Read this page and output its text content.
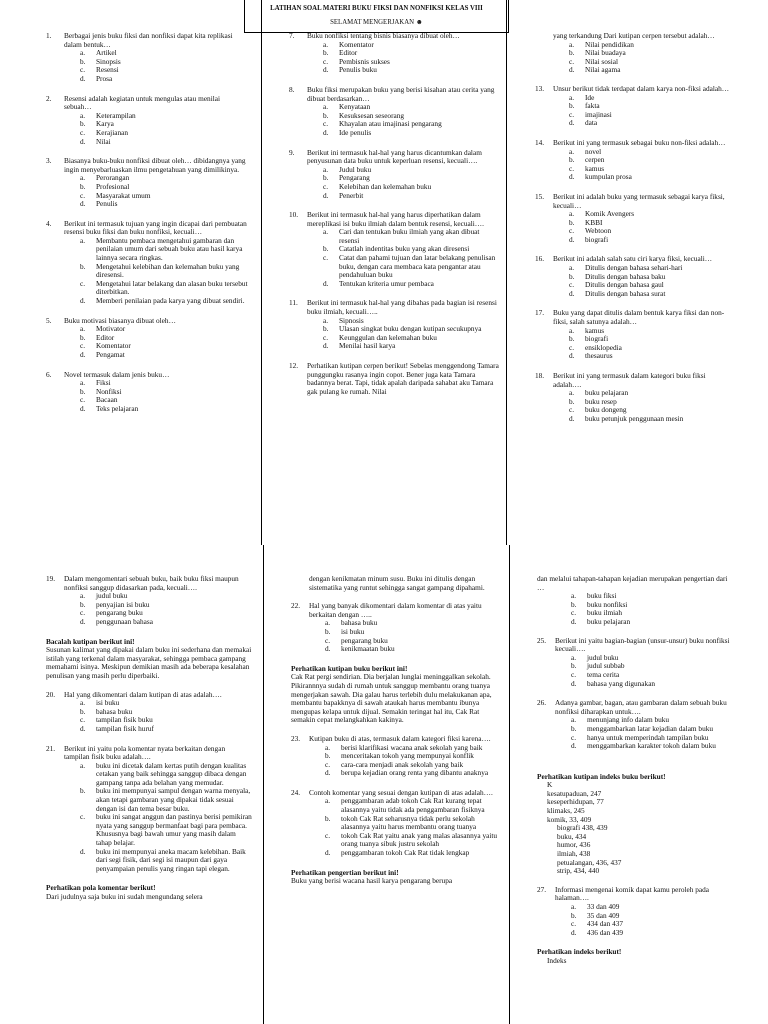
LATIHAN SOAL MATERI BUKU FIKSI DAN NONFIKSI KELAS VIII
SELAMAT MENGERJAKAN ☻
1. Berbagai jenis buku fiksi dan nonfiksi dapat kita replikasi dalam bentuk…
a. Artikel
b. Sinopsis
c. Resensi
d. Prosa
2. Resensi adalah kegiatan untuk mengulas atau menilai sebuah…
a. Keterampilan
b. Karya
c. Kerajianan
d. Nilai
3. Biasanya buku-buku nonfiksi dibuat oleh… dibidangnya yang ingin menyebarluaskan ilmu pengetahuan yang dimilikinya.
a. Perorangan
b. Profesional
c. Masyarakat umum
d. Penulis
4. Berikut ini termasuk tujuan yang ingin dicapai dari pembuatan resensi buku fiksi dan buku nonfiksi, kecuali…
a. Membantu pembaca mengetahui gambaran dan penilaian umum dari sebuah buku atau hasil karya lainnya secara ringkas.
b. Mengetahui kelebihan dan kelemahan buku yang diresensi.
c. Mengetahui latar belakang dan alasan buku tersebut diterbitkan.
d. Memberi penilaian pada karya yang dibuat sendiri.
5. Buku motivasi biasanya dibuat oleh…
a. Motivator
b. Editor
c. Komentator
d. Pengamat
6. Novel termasuk dalam jenis buku…
a. Fiksi
b. Nonfiksi
c. Bacaan
d. Teks pelajaran
7. Buku nonfiksi tentang bisnis biasanya dibuat oleh…
a. Komentator
b. Editor
c. Pembisnis sukses
d. Penulis buku
8. Buku fiksi merupakan buku yang berisi kisahan atau cerita yang dibuat berdasarkan…
a. Kenyataan
b. Kesuksesan seseorang
c. Khayalan atau imajinasi pengarang
d. Ide penulis
9. Berikut ini termasuk hal-hal yang harus dicantumkan dalam penyusunan data buku untuk keperluan resensi, kecuali….
a. Judul buku
b. Pengarang
c. Kelebihan dan kelemahan buku
d. Penerbit
10. Berikut ini termasuk hal-hal yang harus diperhatikan dalam mereplikasi isi buku ilmiah dalam bentuk resensi, kecuali….
a. Cari dan tentukan buku ilmiah yang akan dibuat resensi
b. Catatlah indentitas buku yang akan diresensi
c. Catat dan pahami tujuan dan latar belakang penulisan buku, dengan cara membaca kata pengantar atau pendahuluan buku
d. Tentukan kriteria umur pembaca
11. Berikut ini termasuk hal-hal yang dibahas pada bagian isi resensi buku ilmiah, kecuali…..
a. Sipnosis
b. Ulasan singkat buku dengan kutipan secukupnya
c. Keunggulan dan kelemahan buku
d. Menilai hasil karya
12. Perhatikan kutipan cerpen berikut! Sebelas menggendong Tamara punggungku rasanya ingin copot. Bener juga kata Tamara badannya berat. Tapi, tidak apalah daripada sahabat aku Tamara gak pulang ke rumah. Nilai
yang terkandung Dari kutipan cerpen tersebut adalah…
a. Nilai pendidikan
b. Nilai buadaya
c. Nilai sosial
d. Nilai agama
13. Unsur berikut tidak terdapat dalam karya non-fiksi adalah…
a. Ide
b. fakta
c. imajinasi
d. data
14. Berikut ini yang termasuk sebagai buku non-fiksi adalah…
a. novel
b. cerpen
c. kamus
d. kumpulan prosa
15. Berikut ini adalah buku yang termasuk sebagai karya fiksi, kecuali…
a. Komik Avengers
b. KBBI
c. Webtoon
d. biografi
16. Berikut ini adalah salah satu ciri karya fiksi, kecuali…
a. Ditulis dengan bahasa sehari-hari
b. Ditulis dengan bahasa baku
c. Ditulis dengan bahasa gaul
d. Ditulis dengan bahasa surat
17. Buku yang dapat ditulis dalam bentuk karya fiksi dan non-fiksi, salah satunya adalah…
a. kamus
b. biografi
c. ensiklopedia
d. thesaurus
18. Berikut ini yang termasuk dalam kategori buku fiksi adalah….
a. buku pelajaran
b. buku resep
c. buku dongeng
d. buku petunjuk penggunaan mesin
19. Dalam mengomentari sebuah buku, baik buku fiksi maupun nonfiksi sanggup didasarkan pada, kecuali….
a. judul buku
b. penyajian isi buku
c. pengarang buku
d. penggunaan bahasa
Bacalah kutipan berikut ini!
Susunan kalimat yang dipakai dalam buku ini sederhana dan memakai istilah yang terkenal dalam masyarakat, sehingga pembaca gampang memahami isinya. Meskipun demikian masih ada beberapa kesalahan penulisan yang masih perlu diperbaiki.
20. Hal yang dikomentari dalam kutipan di atas adalah….
a. isi buku
b. bahasa buku
c. tampilan fisik buku
d. tampilan fisik huruf
21. Berikut ini yaitu pola komentar nyata berkaitan dengan tampilan fisik buku adalah….
a. buku ini dicetak dalam kertas putih dengan kualitas cetakan yang baik sehingga sanggup dibaca dengan gampang tanpa ada belahan yang memudar.
b. buku ini mempunyai sampul dengan warna menyala, akan tetapi gambaran yang dipakai tidak sesuai dengan isi dan tema besar buku.
c. buku ini sangat anggun dan pastinya berisi pemikiran nyata yang sanggup bermanfaat bagi para pembaca. Khususnya bagi bawah umur yang masih dalam tahap belajar.
d. buku ini mempunyai aneka macam kelebihan. Baik dari segi fisik, dari segi isi maupun dari gaya penyampaian penulis yang ringan tapi elegan.
Perhatikan pola komentar berikut!
Dari judulnya saja buku ini sudah mengundang selera
dengan kenikmatan minum susu. Buku ini ditulis dengan sistematika yang runtut sehingga sangat gampang dipahami.
22. Hal yang banyak dikomentari dalam komentar di atas yaitu berkaitan dengan …..
a. bahasa buku
b. isi buku
c. pengarang buku
d. kenikmaatan buku
Perhatikan kutipan buku berikut ini!
Cak Rat pergi sendirian. Dia berjalan lunglai meninggalkan sekolah. Pikirannnya sudah di rumah untuk sanggup membantu orang tuanya mengerjakan sawah. Dia galau harus terlebih dulu melakukanan apa, membantu bapakknya di sawah ataukah harus membantu ibunya mengupas kelapa untuk dijual. Semakin teringat hal itu, Cak Rat semakin cepat melangkahkan kakinya.
23. Kutipan buku di atas, termasuk dalam kategori fiksi karena….
a. berisi klarifikasi wacana anak sekolah yang baik
b. menceritakan tokoh yang mempunyai konflik
c. cara-cara menjadi anak sekolah yang baik
d. berupa kejadian orang renta yang dibantu anaknya
24. Contoh komentar yang sesuai dengan kutipan di atas adalah….
a. penggambaran adab tokoh Cak Rat kurang tepat alasannya yaitu tidak ada penggambaran fisiknya
b. tokoh Cak Rat seharusnya tidak perlu sekolah alasannya yaitu harus membantu orang tuanya
c. tokoh Cak Rat yaitu anak yang malas alasannya yaitu orang tuanya sibuk justru sekolah
d. penggambaran tokoh Cak Rat tidak lengkap
Perhatikan pengertian berikut ini!
Buku yang berisi wacana hasil karya pengarang berupa
dan melalui tahapan-tahapan kejadian merupakan pengertian dari …
a. buku fiksi
b. buku nonfiksi
c. buku ilmiah
d. buku pelajaran
25. Berikut ini yaitu bagian-bagian (unsur-unsur) buku nonfiksi kecuali….
a. judul buku
b. judul subbab
c. tema cerita
d. bahasa yang digunakan
26. Adanya gambar, bagan, atau gambaran dalam sebuah buku nonfiksi diharapkan untuk….
a. menunjang info dalam buku
b. menggambarkan latar kejadian dalam buku
c. hanya untuk memperindah tampilan buku
d. menggambarkan karakter tokoh dalam buku
Perhatikan kutipan indeks buku berikut!
K
kesatupaduan, 247
keseperhidupan, 77
klimaks, 245
komik, 33, 409
biografi 438, 439
buku, 434
humor, 436
ilmiah, 438
petualangan, 436, 437
strip, 434, 440
27. Informasi mengenai komik dapat kamu peroleh pada halaman….
a. 33 dan 409
b. 35 dan 409
c. 434 dan 437
d. 436 dan 439
Perhatikan indeks berikut!
Indeks
